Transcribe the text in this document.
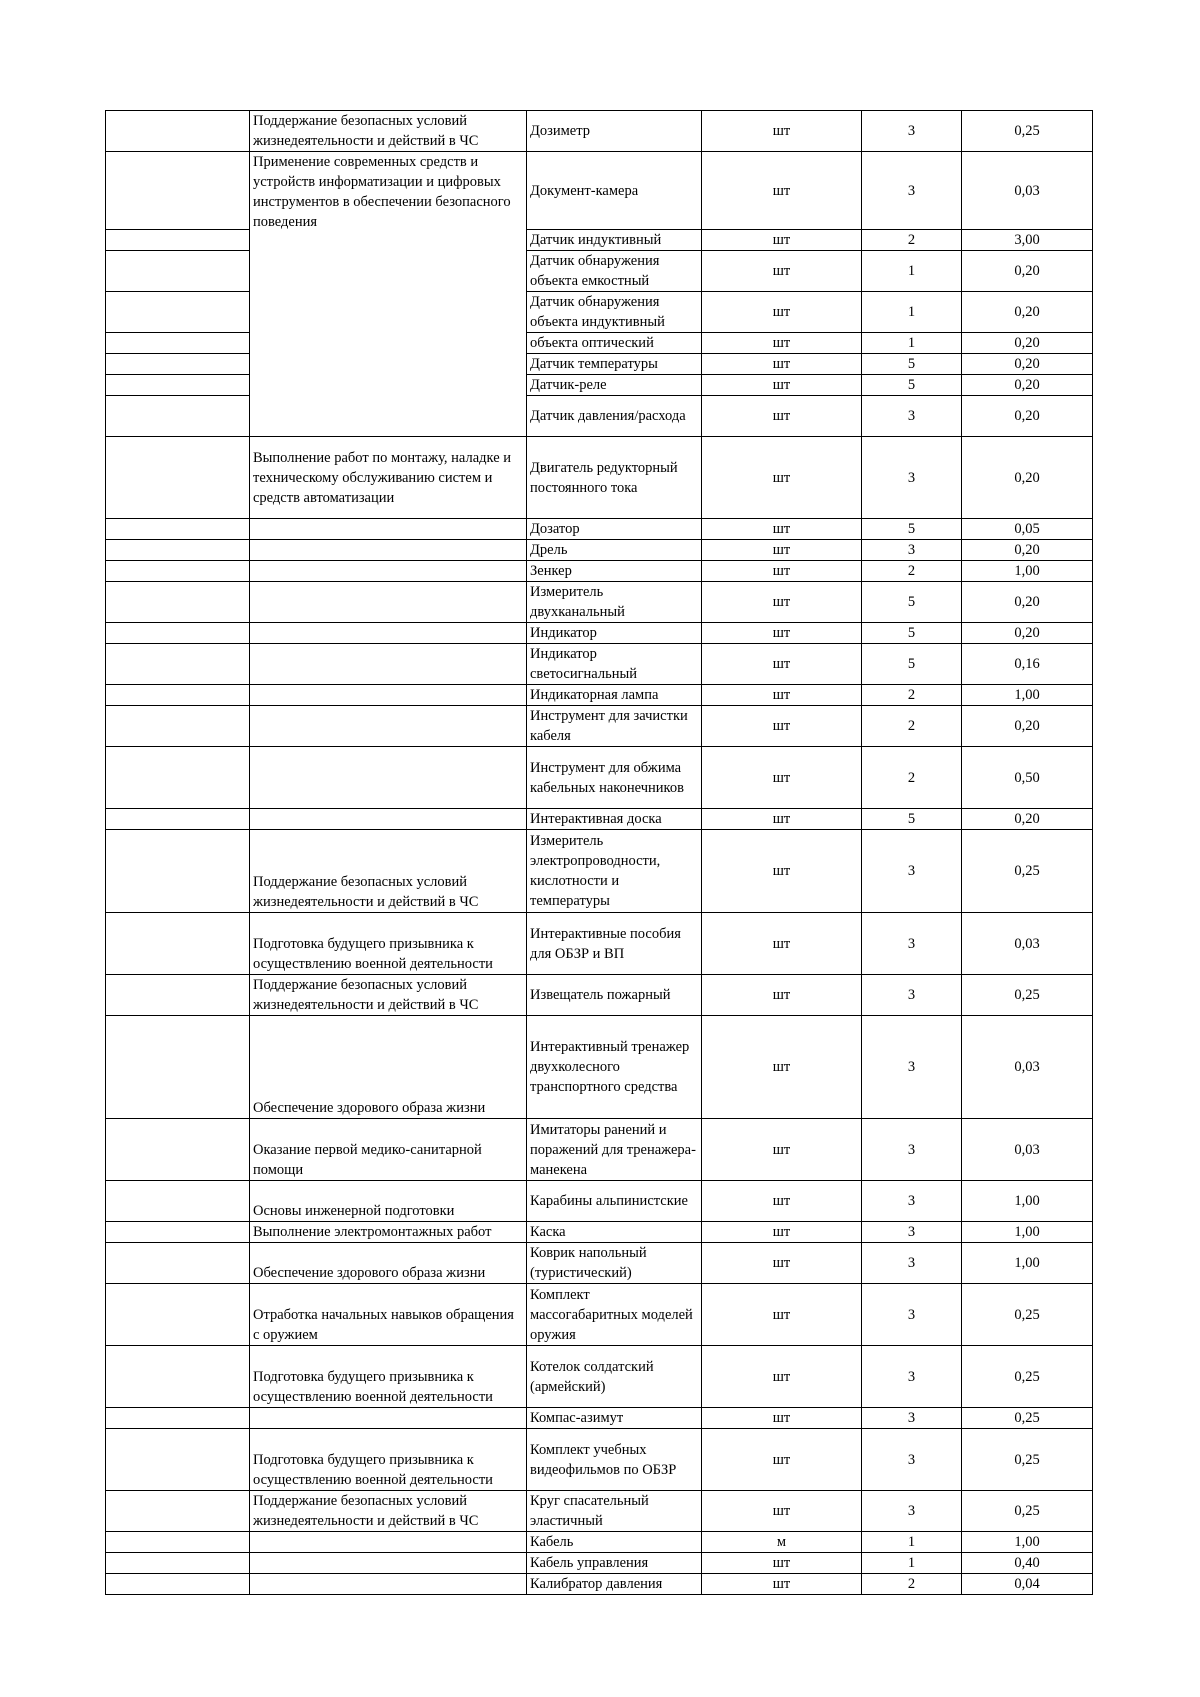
	Поддержание безопасных условий жизнедеятельности и действий в ЧС	Дозиметр	шт	3	0,25
	Применение современных средств и устройств информатизации и цифровых инструментов в обеспечении безопасного поведения	Документ-камера	шт	3	0,03
		Датчик индуктивный	шт	2	3,00
		Датчик обнаружения объекта емкостный	шт	1	0,20
		Датчик обнаружения объекта индуктивный	шт	1	0,20
		объекта оптический	шт	1	0,20
		Датчик температуры	шт	5	0,20
		Датчик-реле	шт	5	0,20
		Датчик давления/расхода	шт	3	0,20
	Выполнение работ по монтажу, наладке и техническому обслуживанию систем и средств автоматизации	Двигатель редукторный постоянного тока	шт	3	0,20
		Дозатор	шт	5	0,05
		Дрель	шт	3	0,20
		Зенкер	шт	2	1,00
		Измеритель двухканальный	шт	5	0,20
		Индикатор	шт	5	0,20
		Индикатор светосигнальный	шт	5	0,16
		Индикаторная лампа	шт	2	1,00
		Инструмент для зачистки кабеля	шт	2	0,20
		Инструмент для обжима кабельных наконечников	шт	2	0,50
		Интерактивная доска	шт	5	0,20
	Поддержание безопасных условий жизнедеятельности и действий в ЧС	Измеритель электропроводности, кислотности и температуры	шт	3	0,25
	Подготовка будущего призывника к осуществлению военной деятельности	Интерактивные пособия для ОБЗР и ВП	шт	3	0,03
	Поддержание безопасных условий жизнедеятельности и действий в ЧС	Извещатель пожарный	шт	3	0,25
	Обеспечение здорового образа жизни	Интерактивный тренажер двухколесного транспортного средства	шт	3	0,03
	Оказание первой медико-санитарной помощи	Имитаторы ранений и поражений для тренажера-манекена	шт	3	0,03
	Основы инженерной подготовки	Карабины альпинистские	шт	3	1,00
	Выполнение электромонтажных работ	Каска	шт	3	1,00
	Обеспечение здорового образа жизни	Коврик напольный (туристический)	шт	3	1,00
	Отработка начальных навыков обращения с оружием	Комплект массогабаритных моделей оружия	шт	3	0,25
	Подготовка будущего призывника к осуществлению военной деятельности	Котелок солдатский (армейский)	шт	3	0,25
		Компас-азимут	шт	3	0,25
	Подготовка будущего призывника к осуществлению военной деятельности	Комплект учебных видеофильмов по ОБЗР	шт	3	0,25
	Поддержание безопасных условий жизнедеятельности и действий в ЧС	Круг спасательный эластичный	шт	3	0,25
		Кабель	м	1	1,00
		Кабель управления	шт	1	0,40
		Калибратор давления	шт	2	0,04
